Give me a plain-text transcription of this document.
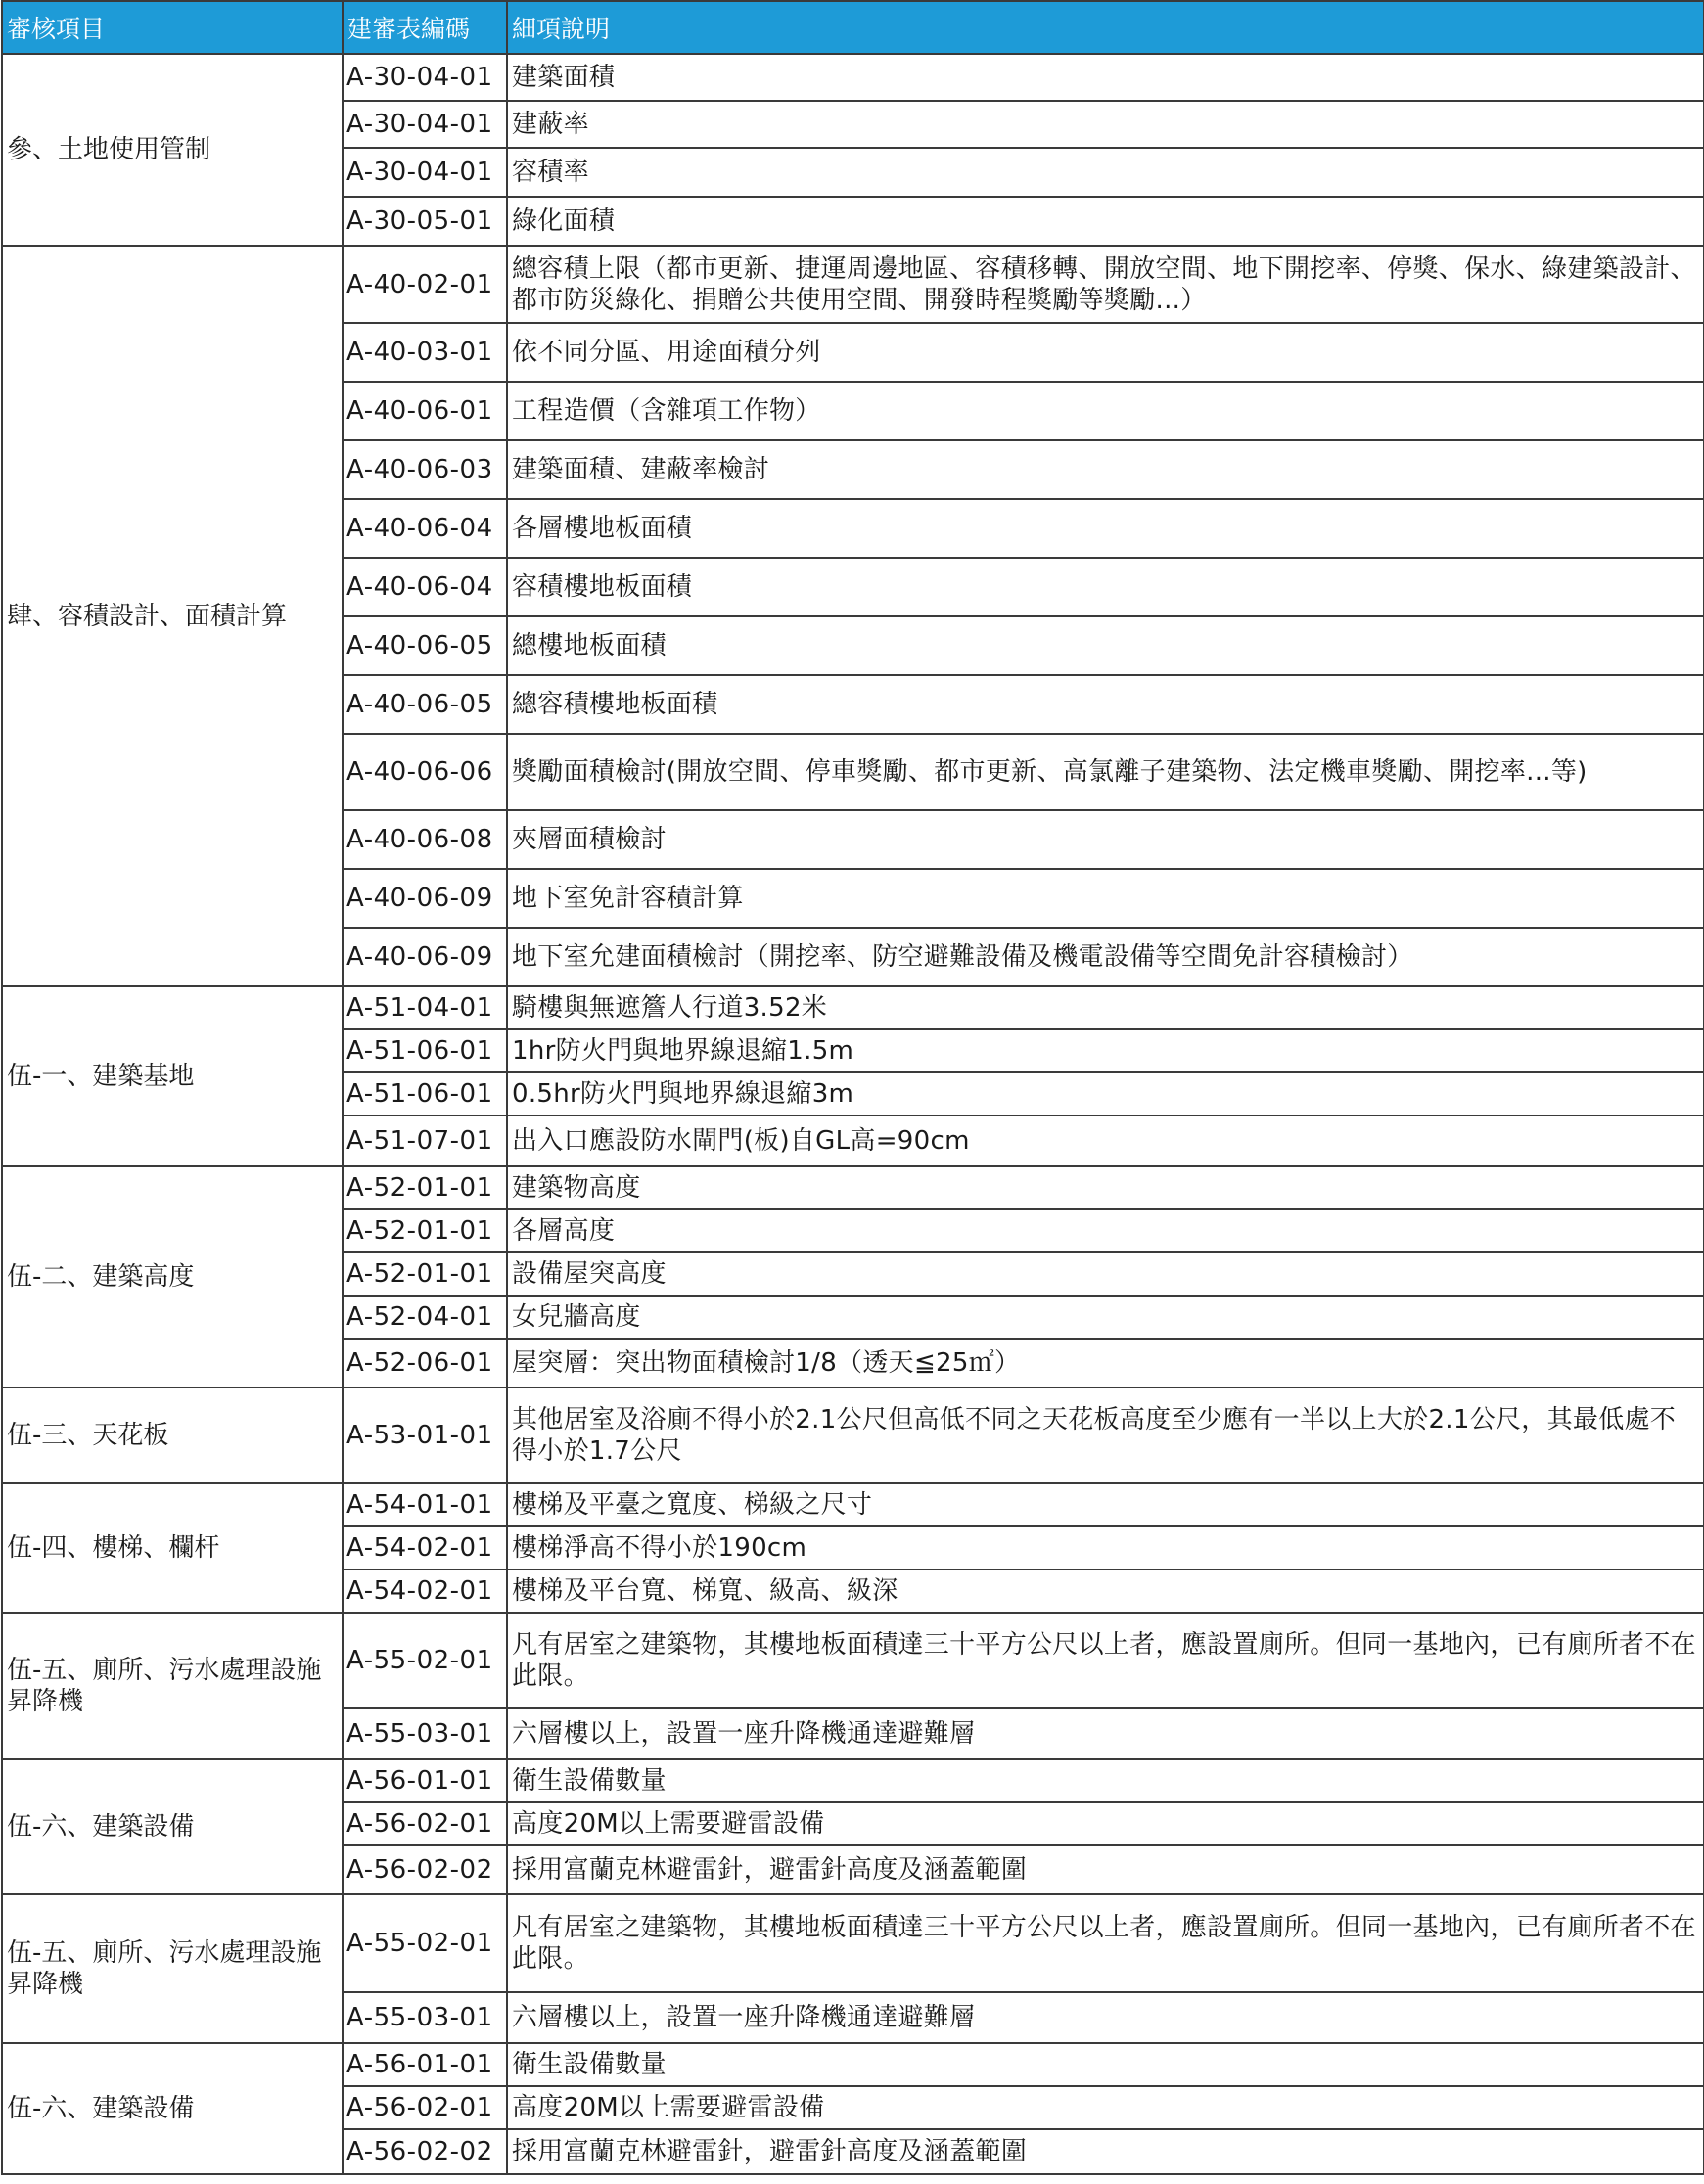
審核項目	建審表編碼	細項說明
參、土地使用管制	A-30-04-01	建築面積
	A-30-04-01	建蔽率
	A-30-04-01	容積率
	A-30-05-01	綠化面積
肆、容積設計、面積計算	A-40-02-01	總容積上限（都市更新、捷運周邊地區、容積移轉、開放空間、地下開挖率、停獎、保水、綠建築設計、都市防災綠化、捐贈公共使用空間、開發時程獎勵等獎勵...）
	A-40-03-01	依不同分區、用途面積分列
	A-40-06-01	工程造價（含雜項工作物）
	A-40-06-03	建築面積、建蔽率檢討
	A-40-06-04	各層樓地板面積
	A-40-06-04	容積樓地板面積
	A-40-06-05	總樓地板面積
	A-40-06-05	總容積樓地板面積
	A-40-06-06	獎勵面積檢討(開放空間、停車獎勵、都市更新、高氯離子建築物、法定機車獎勵、開挖率...等)
	A-40-06-08	夾層面積檢討
	A-40-06-09	地下室免計容積計算
	A-40-06-09	地下室允建面積檢討（開挖率、防空避難設備及機電設備等空間免計容積檢討）
伍-一、建築基地	A-51-04-01	騎樓與無遮簷人行道3.52米
	A-51-06-01	1hr防火門與地界線退縮1.5m
	A-51-06-01	0.5hr防火門與地界線退縮3m
	A-51-07-01	出入口應設防水閘門(板)自GL高=90cm
伍-二、建築高度	A-52-01-01	建築物高度
	A-52-01-01	各層高度
	A-52-01-01	設備屋突高度
	A-52-04-01	女兒牆高度
	A-52-06-01	屋突層：突出物面積檢討1/8（透天≦25㎡）
伍-三、天花板	A-53-01-01	其他居室及浴廁不得小於2.1公尺但高低不同之天花板高度至少應有一半以上大於2.1公尺，其最低處不得小於1.7公尺
伍-四、樓梯、欄杆	A-54-01-01	樓梯及平臺之寬度、梯級之尺寸
	A-54-02-01	樓梯淨高不得小於190cm
	A-54-02-01	樓梯及平台寬、梯寬、級高、級深
伍-五、廁所、污水處理設施昇降機	A-55-02-01	凡有居室之建築物，其樓地板面積達三十平方公尺以上者，應設置廁所。但同一基地內，已有廁所者不在此限。
	A-55-03-01	六層樓以上，設置一座升降機通達避難層
伍-六、建築設備	A-56-01-01	衛生設備數量
	A-56-02-01	高度20M以上需要避雷設備
	A-56-02-02	採用富蘭克林避雷針，避雷針高度及涵蓋範圍
伍-五、廁所、污水處理設施昇降機	A-55-02-01	凡有居室之建築物，其樓地板面積達三十平方公尺以上者，應設置廁所。但同一基地內，已有廁所者不在此限。
	A-55-03-01	六層樓以上，設置一座升降機通達避難層
伍-六、建築設備	A-56-01-01	衛生設備數量
	A-56-02-01	高度20M以上需要避雷設備
	A-56-02-02	採用富蘭克林避雷針，避雷針高度及涵蓋範圍
